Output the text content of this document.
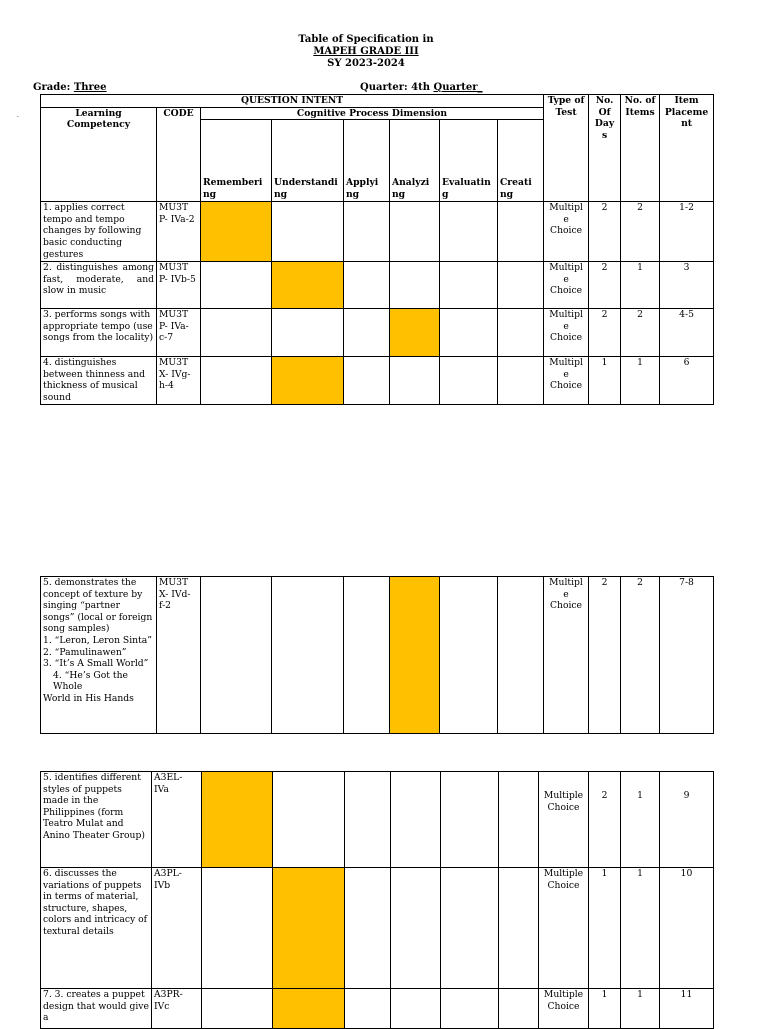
Table of Specification in
MAPEH GRADE III
SY 2023-2024
Grade: Three	Quarter: 4th Quarter_
.
QUESTION INTENT								Type of Test	No. Of Day s	No. of Items	Item Placeme nt
Learning Competency	CODE	Cognitive Process Dimension									
		Rememberi ng	Understandi ng	Applyi ng	Analyzi ng	Evaluatin g	Creati ng				
1. applies correct tempo and tempo changes by following basic conducting gestures	MU3T P- IVa-2							Multipl e Choice	2	2	1-2
2. distinguishes among fast, moderate, and slow in music	MU3T P- IVb-5							Multipl e Choice	2	1	3
3. performs songs with appropriate tempo (use songs from the locality)	MU3T P- IVa- c-7							Multipl e Choice	2	2	4-5
4. distinguishes between thinness and thickness of musical sound	MU3T X- IVg- h-4							Multipl e Choice	1	1	6
5. demonstrates the concept of texture by singing “partner songs” (local or foreign song samples)
1. “Leron, Leron Sinta”
2. “Pamulinawen”
3. “It’s A Small World”
4. “He’s Got the Whole
World in His Hands
	MU3T X- IVd- f-2							Multipl e Choice	2	2	7-8
5. identifies different styles of puppets made in the Philippines (form Teatro Mulat and Anino Theater Group)	A3EL- IVa							Multiple Choice	2	1	9
6. discusses the variations of puppets in terms of material, structure, shapes, colors and intricacy of textural details	A3PL- IVb							Multiple Choice	1	1	10
7. 3. creates a puppet design that would give a	A3PR- IVc							Multiple Choice	1	1	11
